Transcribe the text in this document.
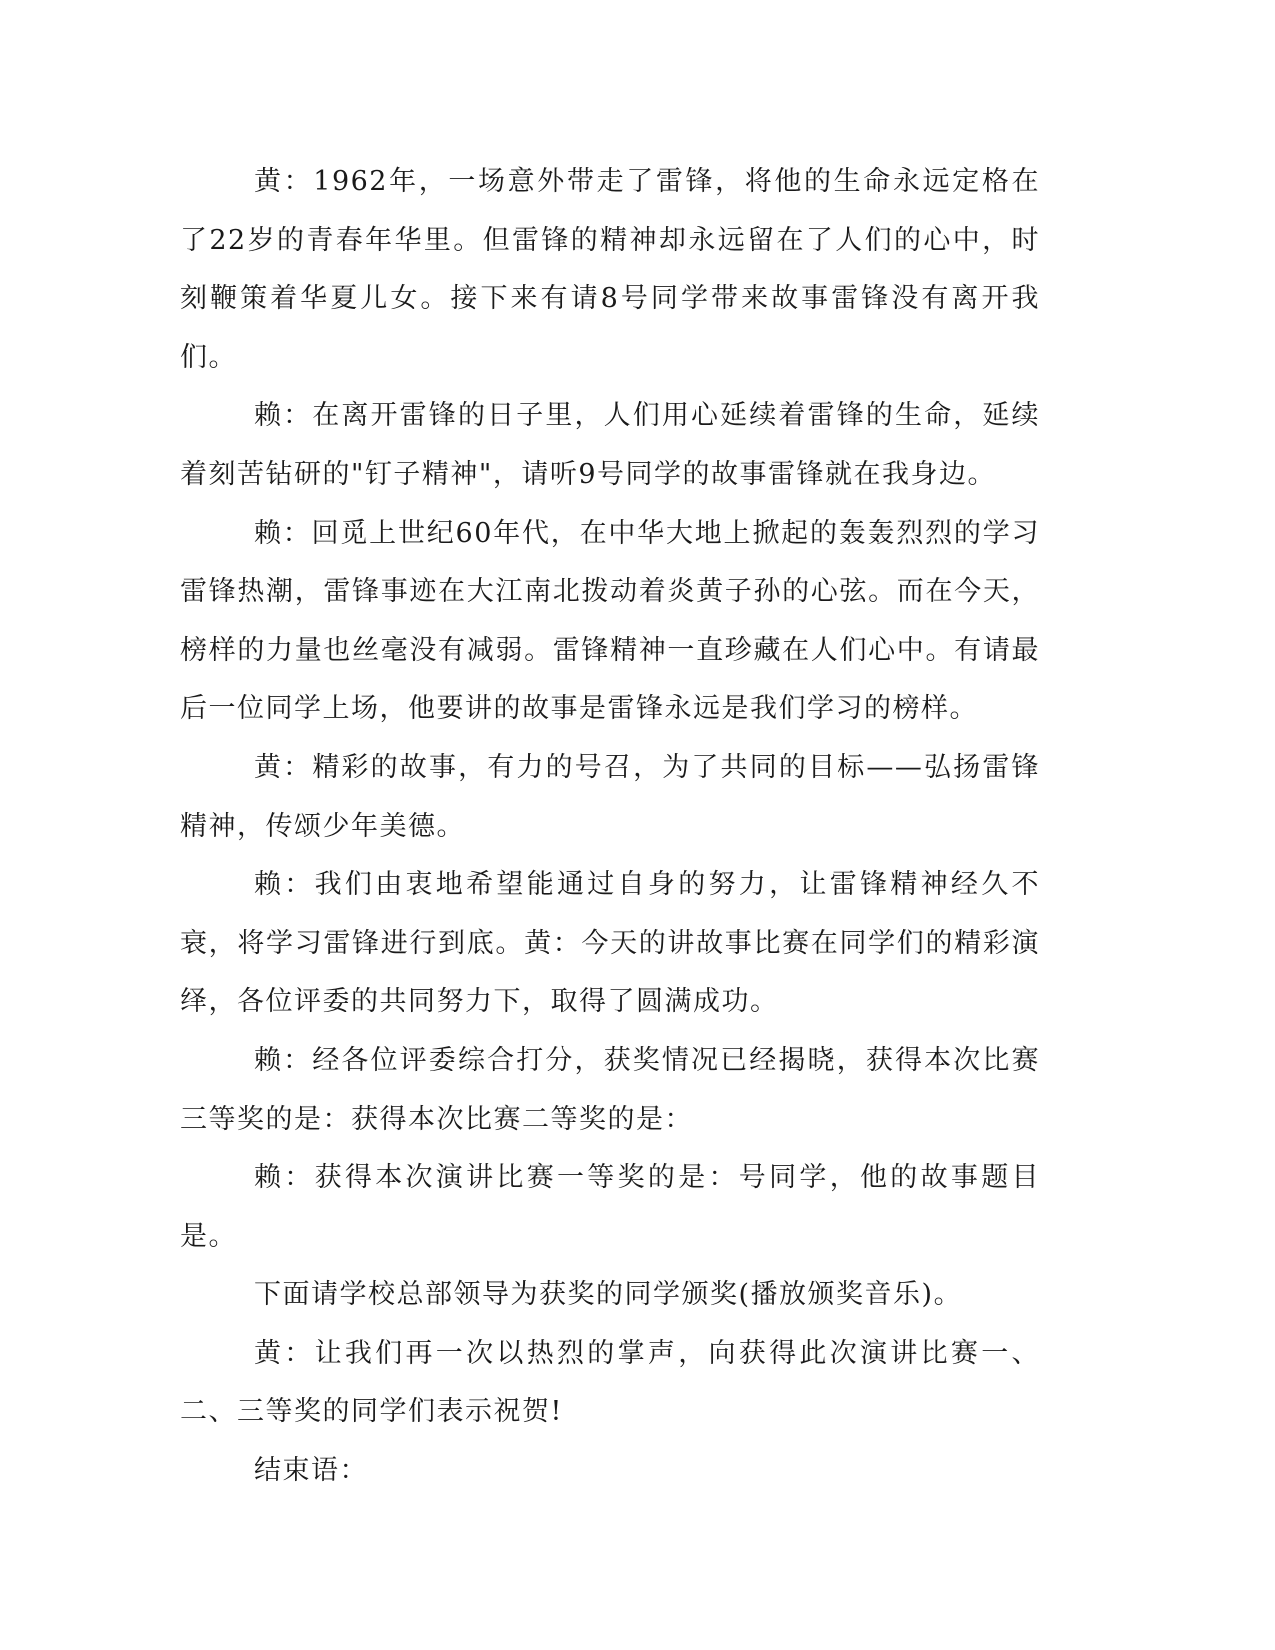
黄：1962年，一场意外带走了雷锋，将他的生命永远定格在了22岁的青春年华里。但雷锋的精神却永远留在了人们的心中，时刻鞭策着华夏儿女。接下来有请8号同学带来故事雷锋没有离开我们。

赖：在离开雷锋的日子里，人们用心延续着雷锋的生命，延续着刻苦钻研的"钉子精神"，请听9号同学的故事雷锋就在我身边。

赖：回觅上世纪60年代，在中华大地上掀起的轰轰烈烈的学习雷锋热潮，雷锋事迹在大江南北拨动着炎黄子孙的心弦。而在今天，榜样的力量也丝毫没有减弱。雷锋精神一直珍藏在人们心中。有请最后一位同学上场，他要讲的故事是雷锋永远是我们学习的榜样。

黄：精彩的故事，有力的号召，为了共同的目标——弘扬雷锋精神，传颂少年美德。

赖：我们由衷地希望能通过自身的努力，让雷锋精神经久不衰，将学习雷锋进行到底。黄：今天的讲故事比赛在同学们的精彩演绎，各位评委的共同努力下，取得了圆满成功。

赖：经各位评委综合打分，获奖情况已经揭晓，获得本次比赛三等奖的是：获得本次比赛二等奖的是：

赖：获得本次演讲比赛一等奖的是：号同学，他的故事题目是。

下面请学校总部领导为获奖的同学颁奖(播放颁奖音乐)。

黄：让我们再一次以热烈的掌声，向获得此次演讲比赛一、二、三等奖的同学们表示祝贺!

结束语：
